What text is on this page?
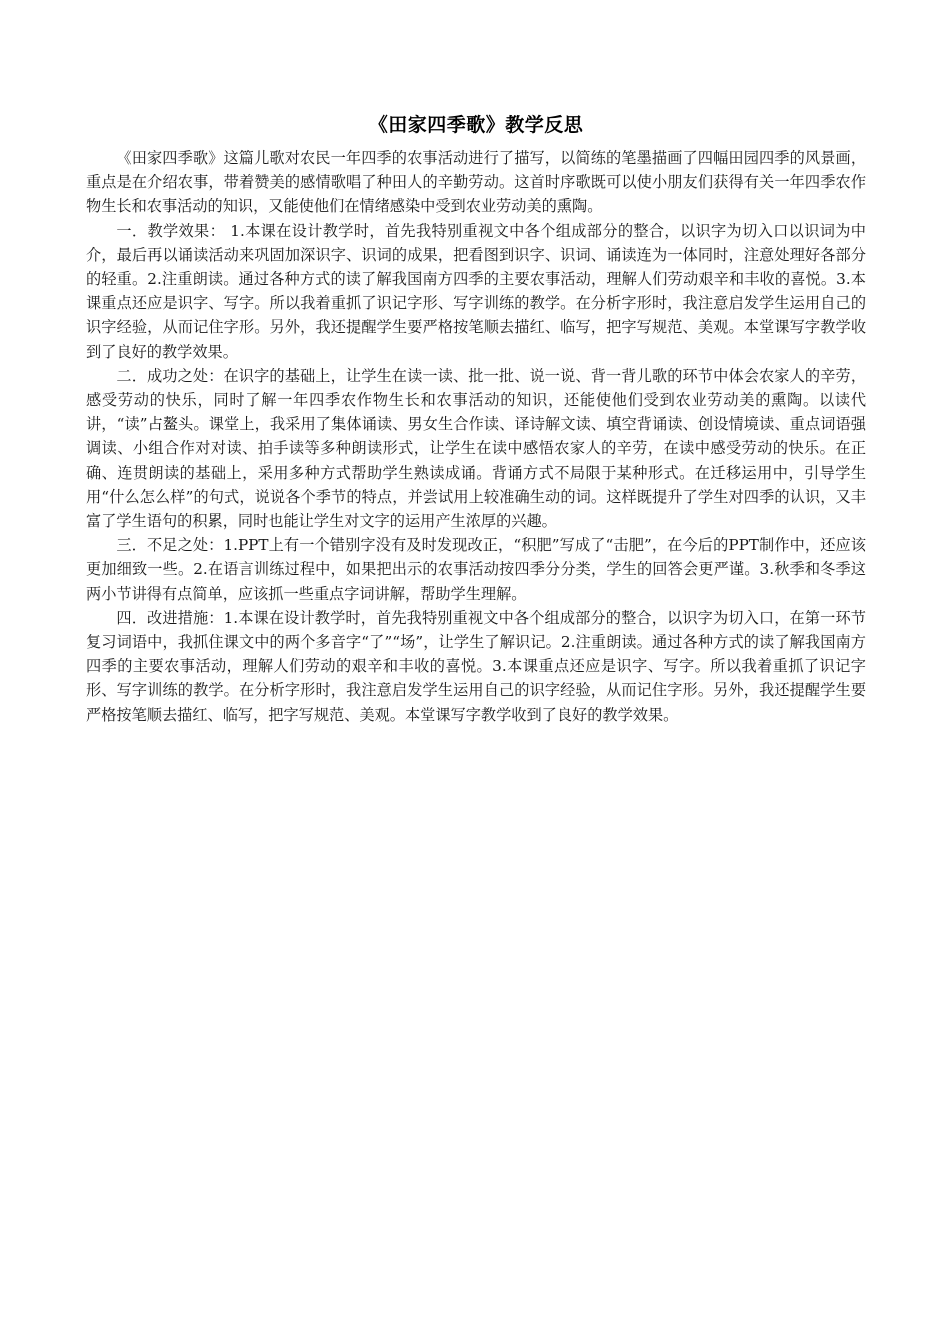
《田家四季歌》教学反思

《田家四季歌》这篇儿歌对农民一年四季的农事活动进行了描写，以简练的笔墨描画了四幅田园四季的风景画，重点是在介绍农事，带着赞美的感情歌唱了种田人的辛勤劳动。这首时序歌既可以使小朋友们获得有关一年四季农作物生长和农事活动的知识，又能使他们在情绪感染中受到农业劳动美的熏陶。

一．教学效果： 1.本课在设计教学时，首先我特别重视文中各个组成部分的整合，以识字为切入口以识词为中介，最后再以诵读活动来巩固加深识字、识词的成果，把看图到识字、识词、诵读连为一体同时，注意处理好各部分的轻重。2.注重朗读。通过各种方式的读了解我国南方四季的主要农事活动，理解人们劳动艰辛和丰收的喜悦。3.本课重点还应是识字、写字。所以我着重抓了识记字形、写字训练的教学。在分析字形时，我注意启发学生运用自己的识字经验，从而记住字形。另外，我还提醒学生要严格按笔顺去描红、临写，把字写规范、美观。本堂课写字教学收到了良好的教学效果。

二．成功之处：在识字的基础上，让学生在读一读、批一批、说一说、背一背儿歌的环节中体会农家人的辛劳，感受劳动的快乐，同时了解一年四季农作物生长和农事活动的知识，还能使他们受到农业劳动美的熏陶。以读代讲，“读”占鳌头。课堂上，我采用了集体诵读、男女生合作读、译诗解文读、填空背诵读、创设情境读、重点词语强调读、小组合作对对读、拍手读等多种朗读形式，让学生在读中感悟农家人的辛劳，在读中感受劳动的快乐。在正确、连贯朗读的基础上，采用多种方式帮助学生熟读成诵。背诵方式不局限于某种形式。在迁移运用中，引导学生用“什么怎么样”的句式，说说各个季节的特点，并尝试用上较准确生动的词。这样既提升了学生对四季的认识，又丰富了学生语句的积累，同时也能让学生对文字的运用产生浓厚的兴趣。

三．不足之处：1.PPT上有一个错别字没有及时发现改正，“积肥”写成了“击肥”，在今后的PPT制作中，还应该更加细致一些。2.在语言训练过程中，如果把出示的农事活动按四季分分类，学生的回答会更严谨。3.秋季和冬季这两小节讲得有点简单，应该抓一些重点字词讲解，帮助学生理解。

四．改进措施：1.本课在设计教学时，首先我特别重视文中各个组成部分的整合，以识字为切入口，在第一环节复习词语中，我抓住课文中的两个多音字“了”“场”，让学生了解识记。2.注重朗读。通过各种方式的读了解我国南方四季的主要农事活动，理解人们劳动的艰辛和丰收的喜悦。3.本课重点还应是识字、写字。所以我着重抓了识记字形、写字训练的教学。在分析字形时，我注意启发学生运用自己的识字经验，从而记住字形。另外，我还提醒学生要严格按笔顺去描红、临写，把字写规范、美观。本堂课写字教学收到了良好的教学效果。
